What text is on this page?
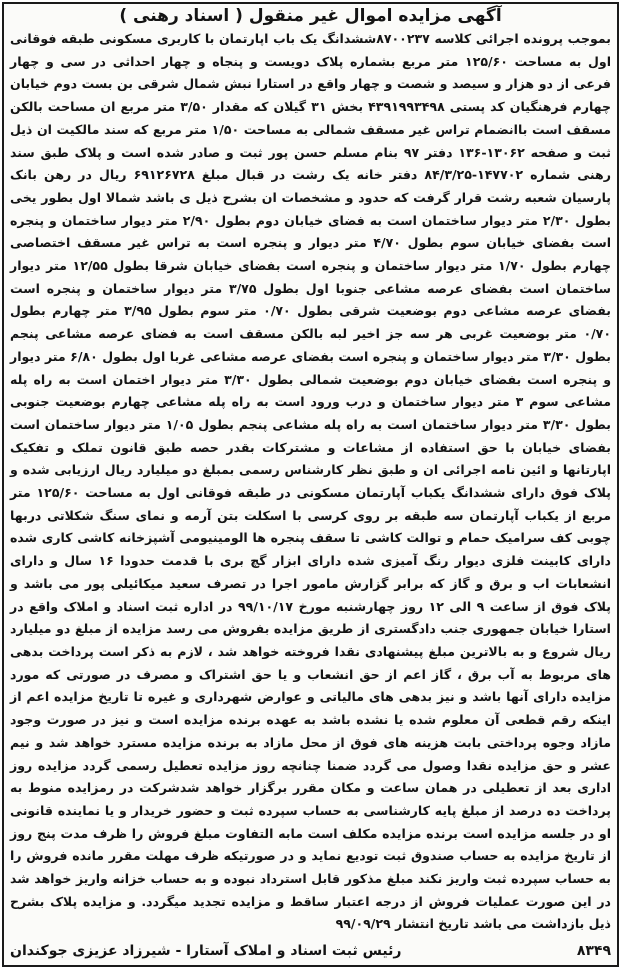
آگهی مزایده اموال غیر منقول ( اسناد رهنی )
بموجب پرونده اجرائی کلاسه ۸۷۰۰۲۳۷ششدانگ یک باب اپارتمان با کاربری مسکونی طبقه فوقانی اول به مساحت ۱۲۵/۶۰ متر مربع بشماره پلاک دویست و پنجاه و چهار احداثی در سی و چهار فرعی از دو هزار و سیصد و شصت و چهار واقع در استارا نبش شمال شرقی بن بست دوم خیابان چهارم فرهنگیان کد پستی ۴۳۹۱۹۹۳۴۹۸ بخش ۳۱ گیلان که مقدار ۳/۵۰ متر مربع ان مساحت بالکن مسقف است باانضمام تراس غیر مسقف شمالی به مساحت ۱/۵۰ متر مربع که سند مالکیت ان ذیل ثبت و صفحه ۱۳۰۶۲-۱۳۶ دفتر ۹۷ بنام مسلم حسن پور ثبت و صادر شده است و پلاک طبق سند رهنی شماره ۱۴۷۷۰۲-۸۴/۳/۲۵ دفتر خانه یک رشت در قبال مبلغ ۶۹۱۲۶۷۲۸ ریال در رهن بانک پارسیان شعبه رشت قرار گرفت که حدود و مشخصات ان بشرح ذیل ی باشد شمالا اول بطور یخی بطول ۲/۳۰ متر دیوار ساختمان است به فضای خیابان دوم بطول ۲/۹۰ متر دیوار ساختمان و پنجره است بفضای خیابان سوم بطول ۴/۷۰ متر دیوار و پنجره است به تراس غیر مسقف اختصاصی چهارم بطول ۱/۷۰ متر دیوار ساختمان و پنجره است بفضای خیابان شرقا بطول ۱۲/۵۵ متر دیوار ساختمان است بفضای عرصه مشاعی جنوبا اول بطول ۳/۷۵ متر دیوار ساختمان و پنجره است بفضای عرصه مشاعی دوم بوضعیت شرقی بطول ۰/۷۰ متر سوم بطول ۳/۹۵ متر چهارم بطول ۰/۷۰ متر بوضعیت غربی هر سه جز اخیر لبه بالکن مسقف است به فضای عرصه مشاعی پنجم بطول ۳/۳۰ متر دیوار ساختمان و پنجره است بفضای عرصه مشاعی غربا اول بطول ۶/۸۰ متر دیوار و پنجره است بفضای خیابان دوم بوضعیت شمالی بطول ۳/۳۰ متر دیوار اختمان است به راه پله مشاعی سوم ۳ متر دیوار ساختمان و درب ورود است به راه پله مشاعی چهارم بوضعیت جنوبی بطول ۳/۳۰ متر دیوار ساختمان است به راه پله مشاعی پنجم بطول ۱/۰۵ متر دیوار ساختمان است بفضای خیابان با حق استفاده از مشاعات و مشترکات بقدر حصه طبق قانون تملک و تفکیک اپارتانها و ائین نامه اجرائی ان و طبق نظر کارشناس رسمی بمبلغ دو میلیارد ریال ارزیابی شده و پلاک فوق دارای ششدانگ یکباب آپارتمان مسکونی در طبقه فوقانی اول به مساحت ۱۲۵/۶۰ متر مربع از یکباب آپارتمان سه طبقه بر روی کرسی با اسکلت بتن آرمه و نمای سنگ شکلاتی دربها چوبی کف سرامیک حمام و توالت کاشی تا سقف پنجره ها الومینیومی آشپزخانه کاشی کاری شده دارای کابینت فلزی دیوار رنگ آمیزی شده دارای ابزار گچ بری با قدمت حدودا ۱۶ سال و دارای انشعابات اب و برق و گاز که برابر گزارش مامور اجرا در تصرف سعید میکائیلی پور می باشد و پلاک فوق از ساعت ۹ الی ۱۲ روز چهارشنبه مورخ ۹۹/۱۰/۱۷ در اداره ثبت اسناد و املاک واقع در استارا خیابان جمهوری جنب دادگستری از طریق مزایده بفروش می رسد مزایده از مبلغ دو میلیارد ریال شروع و به بالاترین مبلغ پیشنهادی نقدا فروخته خواهد شد ، لازم به ذکر است پرداخت بدهی های مربوط به آب برق ، گاز اعم از حق انشعاب و یا حق اشتراک و مصرف در صورتی که مورد مزایده دارای آنها باشد و نیز بدهی های مالیاتی و عوارض شهرداری و غیره تا تاریخ مزایده اعم از اینکه رقم قطعی آن معلوم شده یا نشده باشد به عهده برنده مزایده است و نیز در صورت وجود مازاد وجوه پرداختی بابت هزینه های فوق از محل مازاد به برنده مزایده مسترد خواهد شد و نیم عشر و حق مزایده نقدا وصول می گردد ضمنا چنانچه روز مزایده تعطیل رسمی گردد مزایده روز اداری بعد از تعطیلی در همان ساعت و مکان مقرر برگزار خواهد شدشرکت در رمزایده منوط به پرداخت ده درصد از مبلغ پایه کارشناسی به حساب سپرده ثبت و حضور خریدار و یا نماینده قانونی او در جلسه مزایده است برنده مزایده مکلف است مابه التفاوت مبلغ فروش را ظرف مدت پنج روز از تاریخ مزایده به حساب صندوق ثبت تودیع نماید و در صورتیکه ظرف مهلت مقرر مانده فروش را به حساب سپرده ثبت واریز نکند مبلغ مذکور قابل استرداد نبوده و به حساب خزانه واریز خواهد شد در این صورت عملیات فروش از درجه اعتبار ساقط و مزایده تجدید میگردد. و مزایده پلاک بشرح ذیل بازداشت می باشد تاریخ انتشار ۹۹/۰۹/۲۹
رئیس ثبت اسناد و املاک آستارا - شیرزاد عزیزی جوکندان	۸۳۴۹
